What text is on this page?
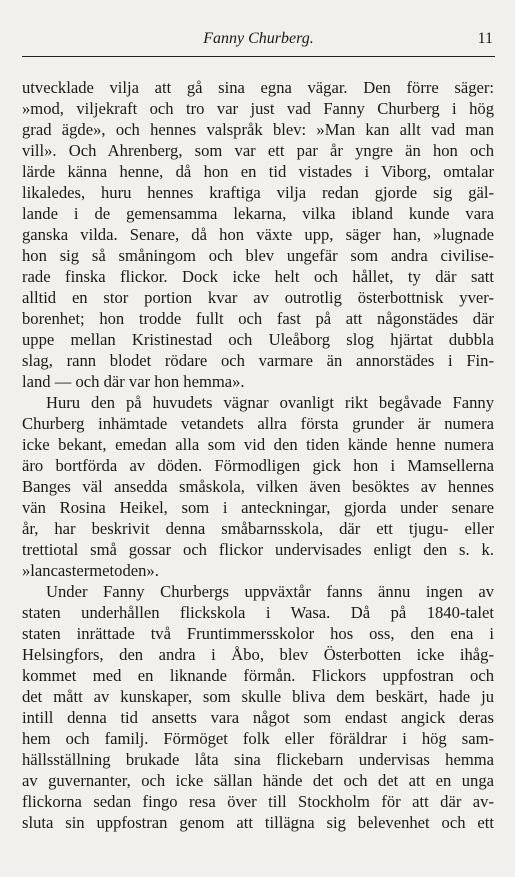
Fanny Churberg.	11
utvecklade vilja att gå sina egna vägar. Den förre säger:
»mod, viljekraft och tro var just vad Fanny Churberg i hög
grad ägde», och hennes valspråk blev: »Man kan allt vad man
vill». Och Ahrenberg, som var ett par år yngre än hon och
lärde känna henne, då hon en tid vistades i Viborg, omtalar
likaledes, huru hennes kraftiga vilja redan gjorde sig gäl-
lande i de gemensamma lekarna, vilka ibland kunde vara
ganska vilda. Senare, då hon växte upp, säger han, »lugnade
hon sig så småningom och blev ungefär som andra civilise-
rade finska flickor. Dock icke helt och hållet, ty där satt
alltid en stor portion kvar av outrotlig österbottnisk yver-
borenhet; hon trodde fullt och fast på att någonstädes där
uppe mellan Kristinestad och Uleåborg slog hjärtat dubbla
slag, rann blodet rödare och varmare än annorstädes i Fin-
land — och där var hon hemma».
Huru den på huvudets vägnar ovanligt rikt begåvade Fanny
Churberg inhämtade vetandets allra första grunder är numera
icke bekant, emedan alla som vid den tiden kände henne numera
äro bortförda av döden. Förmodligen gick hon i Mamsellerna
Banges väl ansedda småskola, vilken även besöktes av hennes
vän Rosina Heikel, som i anteckningar, gjorda under senare
år, har beskrivit denna småbarnsskola, där ett tjugu- eller
trettiotal små gossar och flickor undervisades enligt den s. k.
»lancastermetoden».
Under Fanny Churbergs uppväxtår fanns ännu ingen av
staten underhållen flickskola i Wasa. Då på 1840-talet
staten inrättade två Fruntimmersskolor hos oss, den ena i
Helsingfors, den andra i Åbo, blev Österbotten icke ihåg-
kommet med en liknande förmån. Flickors uppfostran och
det mått av kunskaper, som skulle bliva dem beskärt, hade ju
intill denna tid ansetts vara något som endast angick deras
hem och familj. Förmöget folk eller föräldrar i hög sam-
hällsställning brukade låta sina flickebarn undervisas hemma
av guvernanter, och icke sällan hände det och det att en unga
flickorna sedan fingo resa över till Stockholm för att där av-
sluta sin uppfostran genom att tillägna sig belevenhet och ett
